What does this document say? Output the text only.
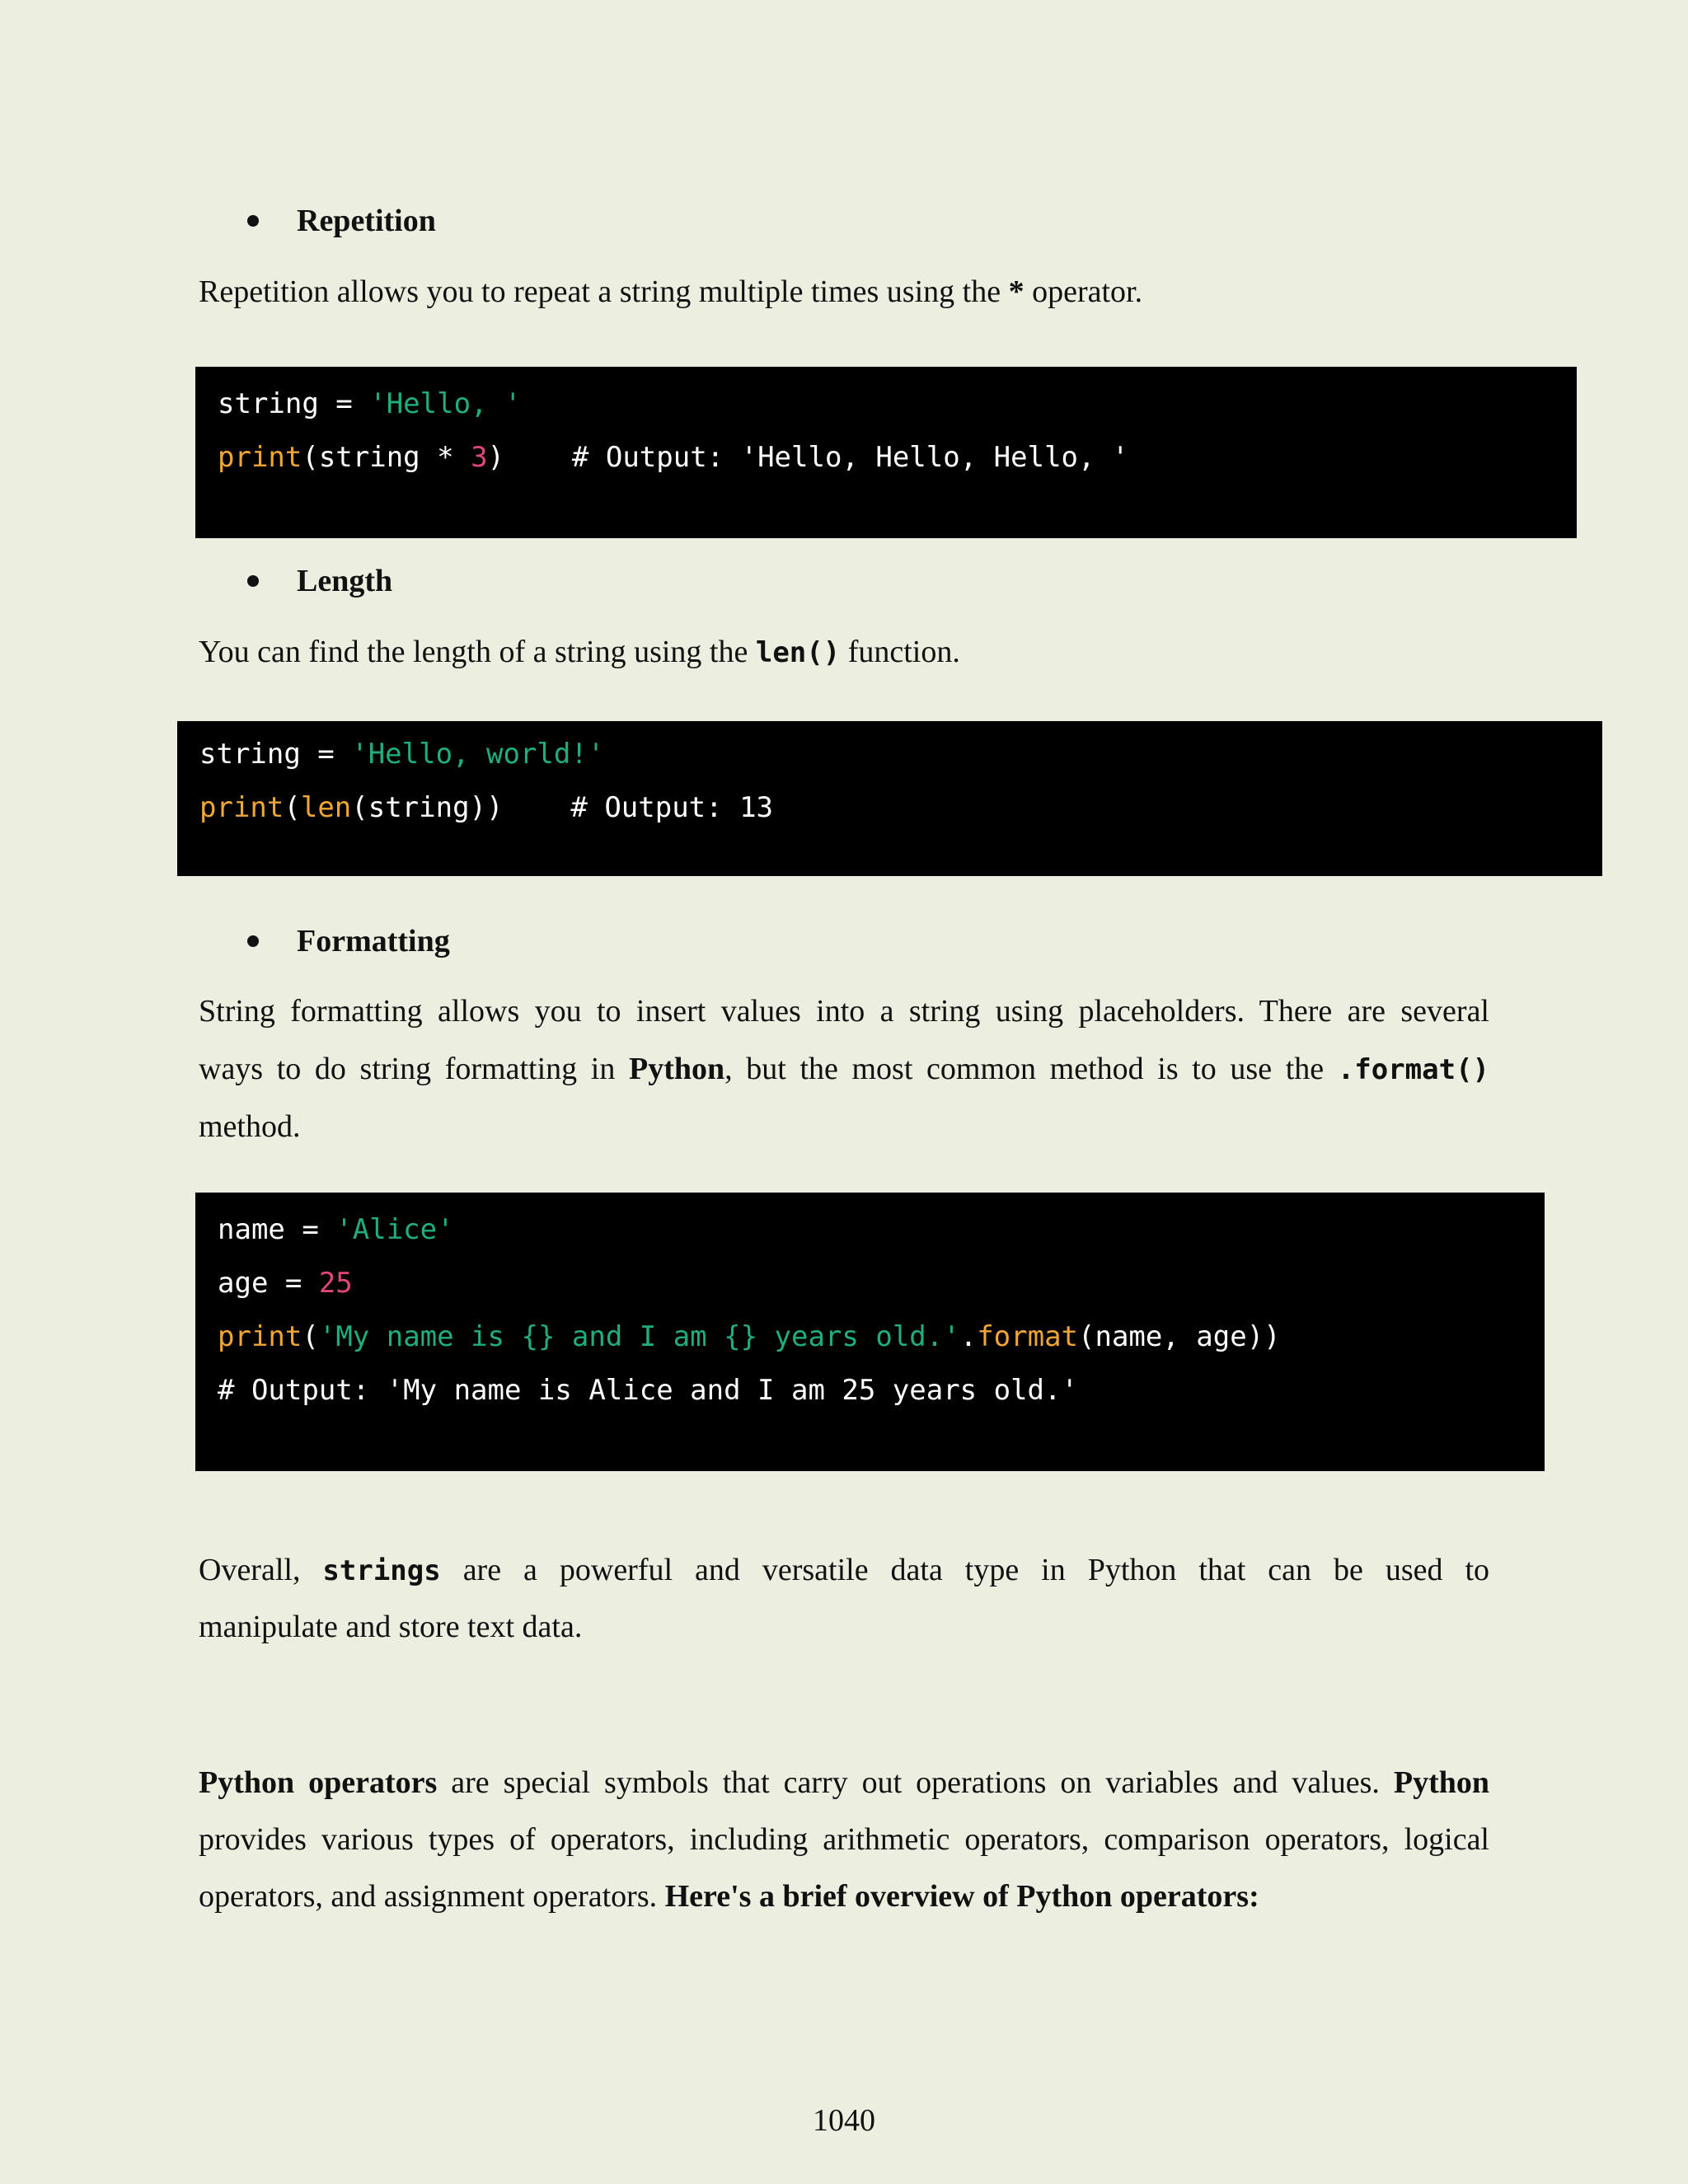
Repetition

Repetition allows you to repeat a string multiple times using the * operator.

string = 'Hello, '
print(string * 3)    # Output: 'Hello, Hello, Hello, '
Length

You can find the length of a string using the len() function.

string = 'Hello, world!'
print(len(string))    # Output: 13
Formatting

String formatting allows you to insert values into a string using placeholders. There are several

ways to do string formatting in Python, but the most common method is to use the .format()

method.

name = 'Alice'
age = 25
print('My name is {} and I am {} years old.'.format(name, age))
# Output: 'My name is Alice and I am 25 years old.'

Overall, strings are a powerful and versatile data type in Python that can be used to

manipulate and store text data.

Python operators are special symbols that carry out operations on variables and values. Python

provides various types of operators, including arithmetic operators, comparison operators, logical

operators, and assignment operators. Here's a brief overview of Python operators:

1040
